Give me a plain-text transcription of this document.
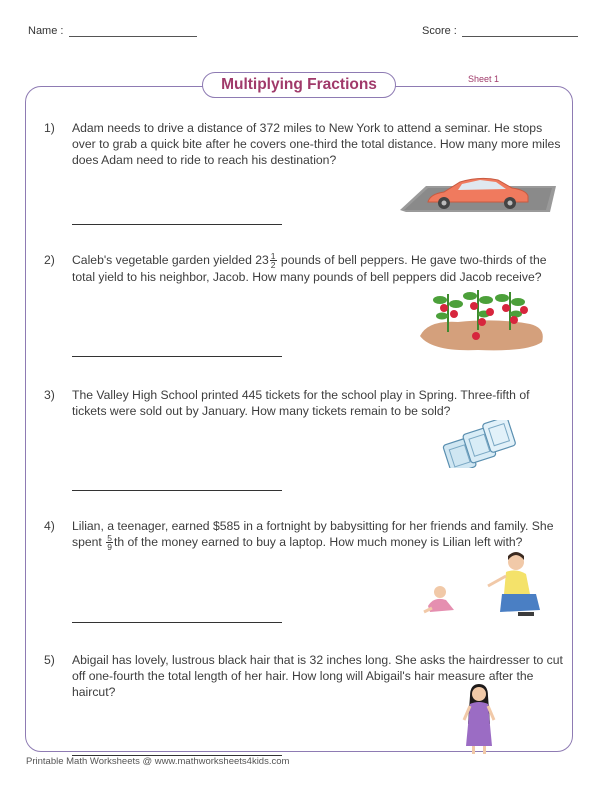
Name :	Score :
Multiplying Fractions	Sheet 1
1) Adam needs to drive a distance of 372 miles to New York to attend a seminar. He stops over to grab a quick bite after he covers one-third the total distance. How many more miles does Adam need to ride to reach his destination?
2) Caleb's vegetable garden yielded $23 \frac{1}{2}$ pounds of bell peppers. He gave two-thirds of the total yield to his neighbor, Jacob. How many pounds of bell peppers did Jacob receive?
3) The Valley High School printed 445 tickets for the school play in Spring. Three-fifth of tickets were sold out by January. How many tickets remain to be sold?
4) Lilian, a teenager, earned $585 in a fortnight by babysitting for her friends and family. She spent $\frac{5}{9}$ th of the money earned to buy a laptop. How much money is Lilian left with?
5) Abigail has lovely, lustrous black hair that is 32 inches long. She asks the hairdresser to cut off one-fourth the total length of her hair. How long will Abigail's hair measure after the haircut?
Printable Math Worksheets @ www.mathworksheets4kids.com
